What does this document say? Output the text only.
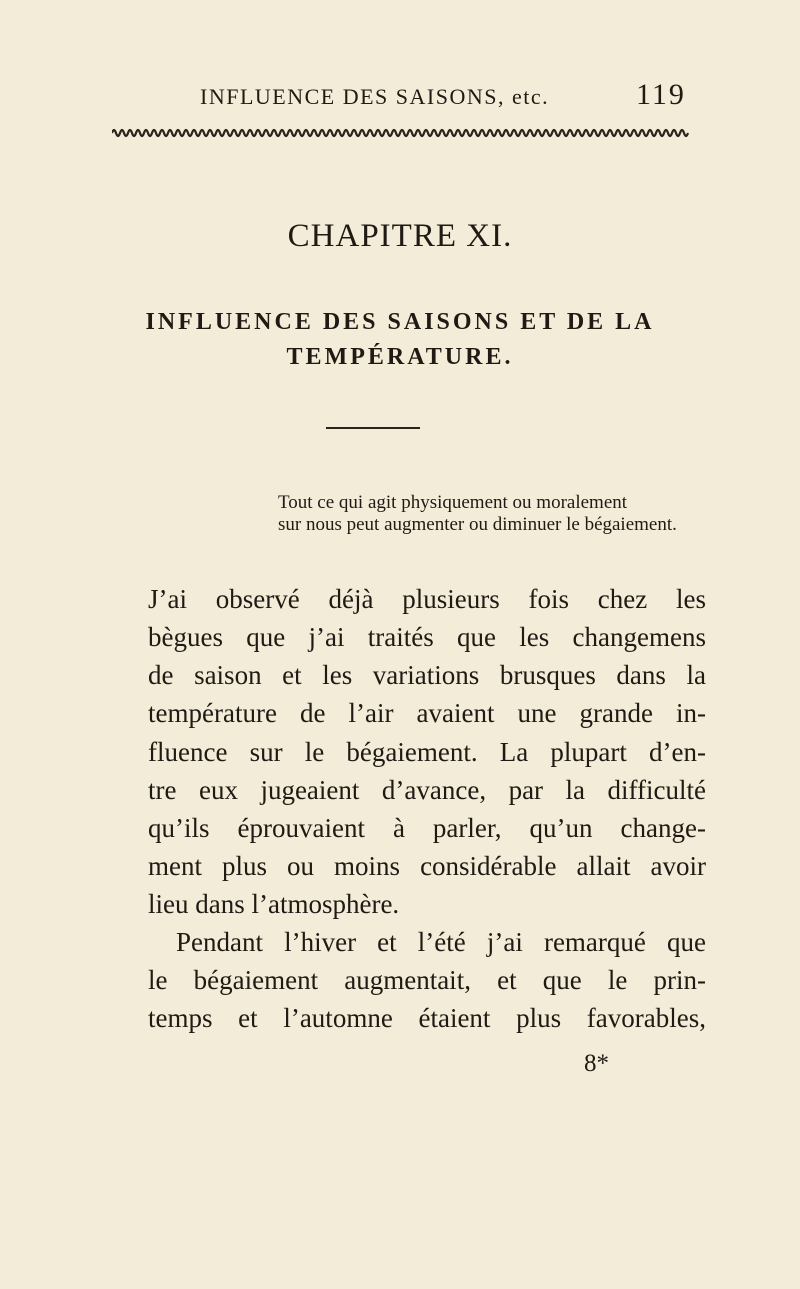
INFLUENCE DES SAISONS, etc.	119
CHAPITRE XI.
INFLUENCE DES SAISONS ET DE LA
TEMPÉRATURE.
Tout ce qui agit physiquement ou moralement
sur nous peut augmenter ou diminuer le bégaiement.
J’ai observé déjà plusieurs fois chez les
bègues que j’ai traités que les changemens
de saison et les variations brusques dans la
température de l’air avaient une grande in-
fluence sur le bégaiement. La plupart d’en-
tre eux jugeaient d’avance, par la difficulté
qu’ils éprouvaient à parler, qu’un change-
ment plus ou moins considérable allait avoir
lieu dans l’atmosphère.
Pendant l’hiver et l’été j’ai remarqué que
le bégaiement augmentait, et que le prin-
temps et l’automne étaient plus favorables,
8*
